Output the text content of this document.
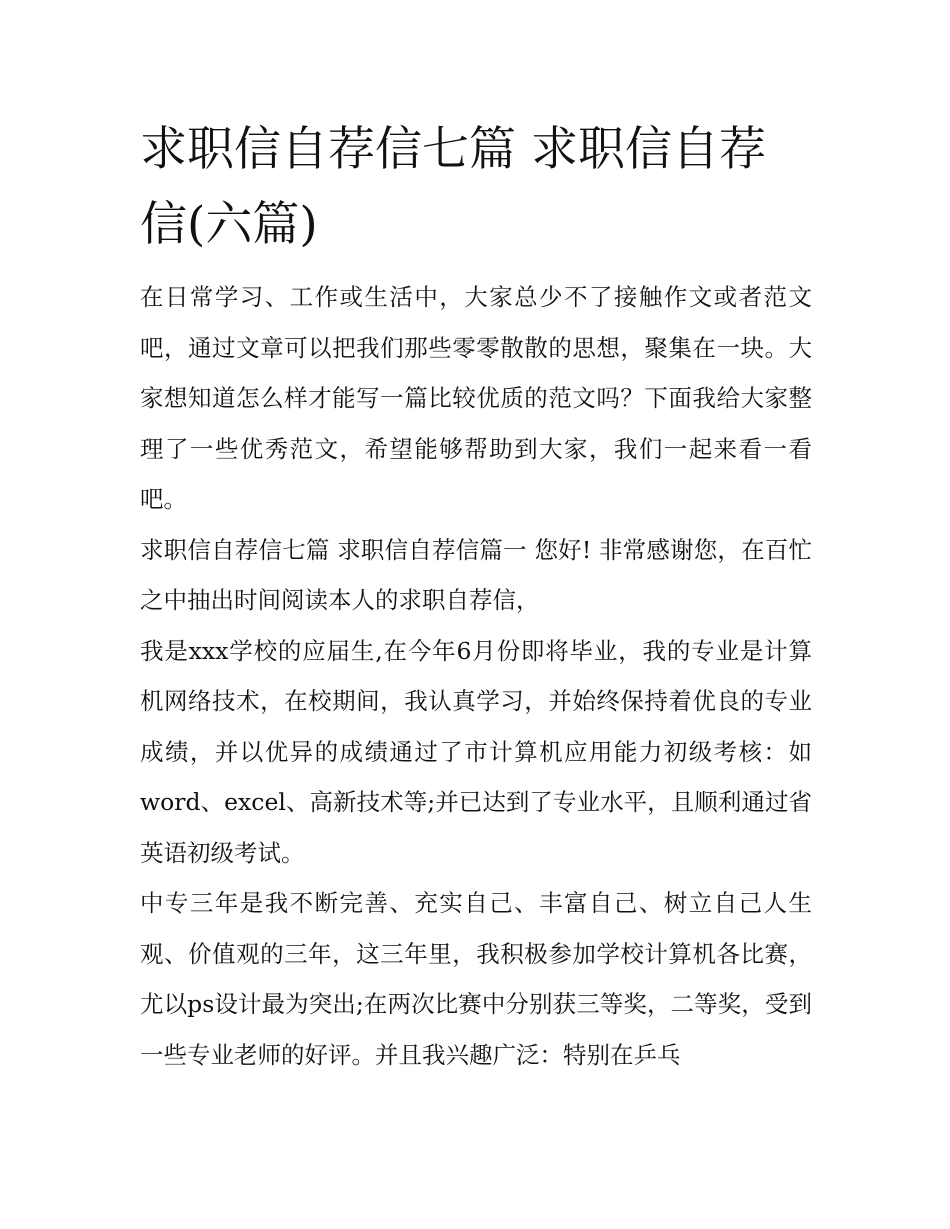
求职信自荐信七篇 求职信自荐信(六篇)

在日常学习、工作或生活中，大家总少不了接触作文或者范文吧，通过文章可以把我们那些零零散散的思想，聚集在一块。大家想知道怎么样才能写一篇比较优质的范文吗？下面我给大家整理了一些优秀范文，希望能够帮助到大家，我们一起来看一看吧。

求职信自荐信七篇 求职信自荐信篇一 您好! 非常感谢您，在百忙之中抽出时间阅读本人的求职自荐信，

我是xxx学校的应届生,在今年6月份即将毕业，我的专业是计算机网络技术，在校期间，我认真学习，并始终保持着优良的专业成绩，并以优异的成绩通过了市计算机应用能力初级考核：如word、excel、高新技术等;并已达到了专业水平，且顺利通过省英语初级考试。

中专三年是我不断完善、充实自己、丰富自己、树立自己人生观、价值观的三年，这三年里，我积极参加学校计算机各比赛，尤以ps设计最为突出;在两次比赛中分别获三等奖，二等奖，受到一些专业老师的好评。并且我兴趣广泛：特别在乒乓
